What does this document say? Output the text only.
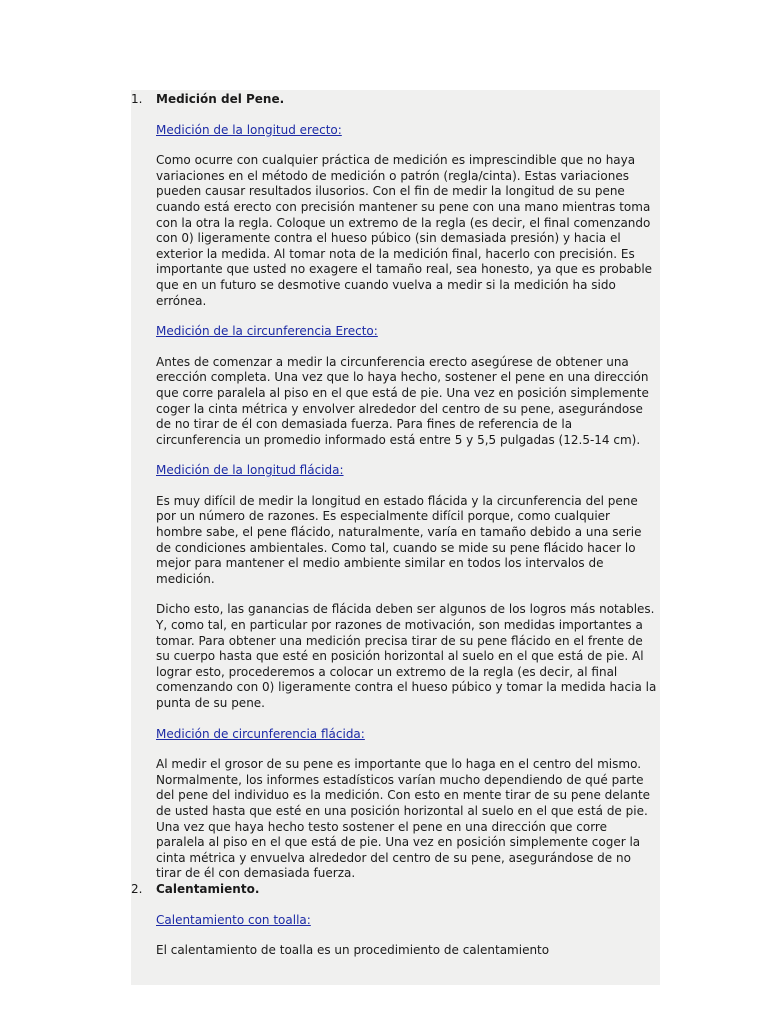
1. Medición del Pene.
Medición de la longitud erecto:

Como ocurre con cualquier práctica de medición es imprescindible que no haya variaciones en el método de medición o patrón (regla/cinta). Estas variaciones pueden causar resultados ilusorios. Con el fin de medir la longitud de su pene cuando está erecto con precisión mantener su pene con una mano mientras toma con la otra la regla. Coloque un extremo de la regla (es decir, el final comenzando con 0) ligeramente contra el hueso púbico (sin demasiada presión) y hacia el exterior la medida. Al tomar nota de la medición final, hacerlo con precisión. Es importante que usted no exagere el tamaño real, sea honesto, ya que es probable que en un futuro se desmotive cuando vuelva a medir si la medición ha sido errónea.

Medición de la circunferencia Erecto:

Antes de comenzar a medir la circunferencia erecto asegúrese de obtener una erección completa. Una vez que lo haya hecho, sostener el pene en una dirección que corre paralela al piso en el que está de pie. Una vez en posición simplemente coger la cinta métrica y envolver alrededor del centro de su pene, asegurándose de no tirar de él con demasiada fuerza. Para fines de referencia de la circunferencia un promedio informado está entre 5 y 5,5 pulgadas (12.5-14 cm).

Medición de la longitud flácida:

Es muy difícil de medir la longitud en estado flácida y la circunferencia del pene por un número de razones. Es especialmente difícil porque, como cualquier hombre sabe, el pene flácido, naturalmente, varía en tamaño debido a una serie de condiciones ambientales. Como tal, cuando se mide su pene flácido hacer lo mejor para mantener el medio ambiente similar en todos los intervalos de medición.

Dicho esto, las ganancias de flácida deben ser algunos de los logros más notables. Y, como tal, en particular por razones de motivación, son medidas importantes a tomar. Para obtener una medición precisa tirar de su pene flácido en el frente de su cuerpo hasta que esté en posición horizontal al suelo en el que está de pie. Al lograr esto, procederemos a colocar un extremo de la regla (es decir, al final comenzando con 0) ligeramente contra el hueso púbico y tomar la medida hacia la punta de su pene.

Medición de circunferencia flácida:

Al medir el grosor de su pene es importante que lo haga en el centro del mismo. Normalmente, los informes estadísticos varían mucho dependiendo de qué parte del pene del individuo es la medición. Con esto en mente tirar de su pene delante de usted hasta que esté en una posición horizontal al suelo en el que está de pie. Una vez que haya hecho testo sostener el pene en una dirección que corre paralela al piso en el que está de pie. Una vez en posición simplemente coger la cinta métrica y envuelva alrededor del centro de su pene, asegurándose de no tirar de él con demasiada fuerza.

2. Calentamiento.
Calentamiento con toalla:

El calentamiento de toalla es un procedimiento de calentamiento
